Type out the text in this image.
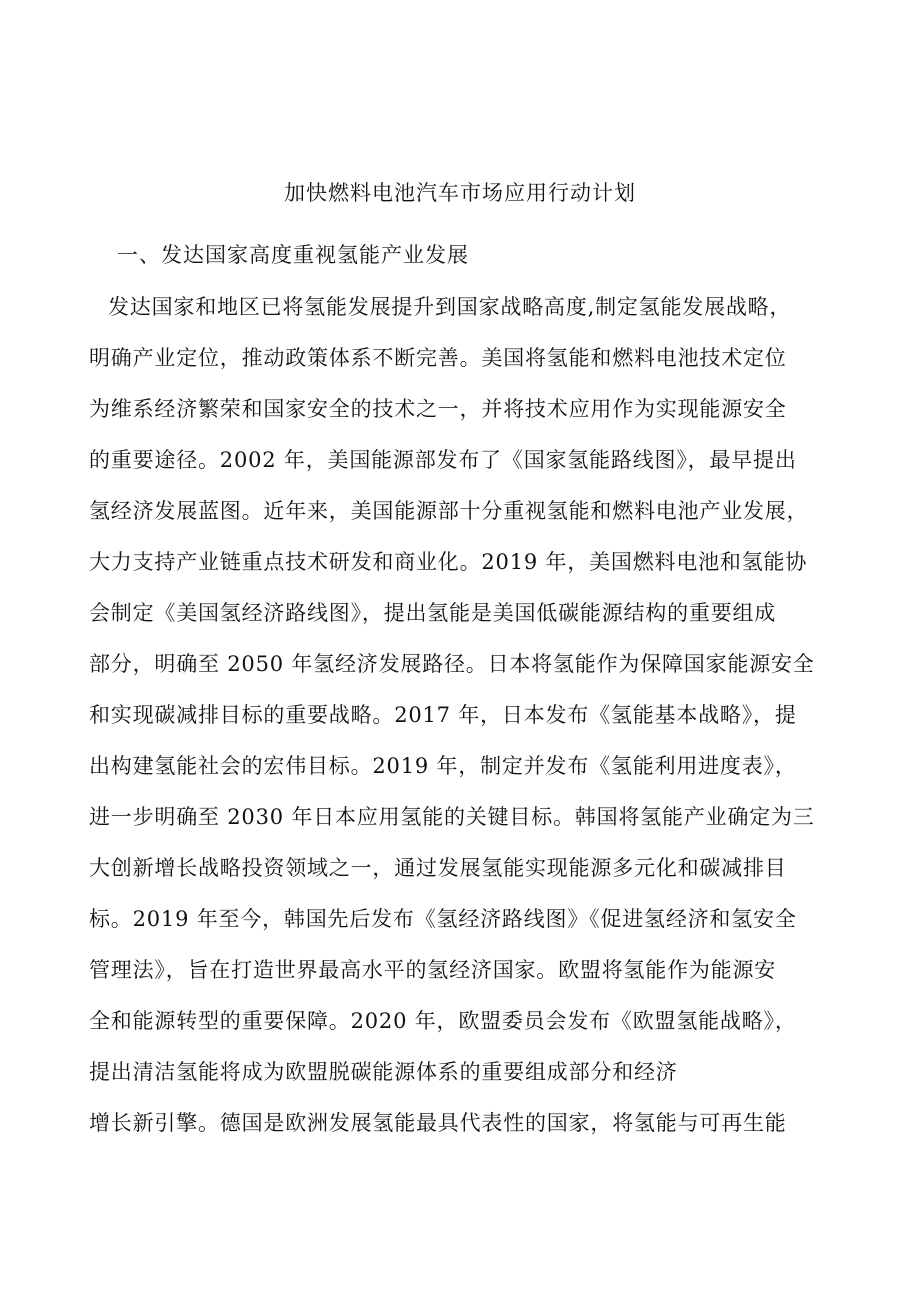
加快燃料电池汽车市场应用行动计划
一、发达国家高度重视氢能产业发展
发达国家和地区已将氢能发展提升到国家战略高度,制定氢能发展战略，
明确产业定位，推动政策体系不断完善。美国将氢能和燃料电池技术定位
为维系经济繁荣和国家安全的技术之一，并将技术应用作为实现能源安全
的重要途径。2002 年，美国能源部发布了《国家氢能路线图》，最早提出
氢经济发展蓝图。近年来，美国能源部十分重视氢能和燃料电池产业发展，
大力支持产业链重点技术研发和商业化。2019 年，美国燃料电池和氢能协
会制定《美国氢经济路线图》，提出氢能是美国低碳能源结构的重要组成
部分，明确至 2050 年氢经济发展路径。日本将氢能作为保障国家能源安全
和实现碳减排目标的重要战略。2017 年，日本发布《氢能基本战略》，提
出构建氢能社会的宏伟目标。2019 年，制定并发布《氢能利用进度表》，
进一步明确至 2030 年日本应用氢能的关键目标。韩国将氢能产业确定为三
大创新增长战略投资领域之一，通过发展氢能实现能源多元化和碳减排目
标。2019 年至今，韩国先后发布《氢经济路线图》《促进氢经济和氢安全
管理法》，旨在打造世界最高水平的氢经济国家。欧盟将氢能作为能源安
全和能源转型的重要保障。2020 年，欧盟委员会发布《欧盟氢能战略》，
提出清洁氢能将成为欧盟脱碳能源体系的重要组成部分和经济
增长新引擎。德国是欧洲发展氢能最具代表性的国家，将氢能与可再生能
